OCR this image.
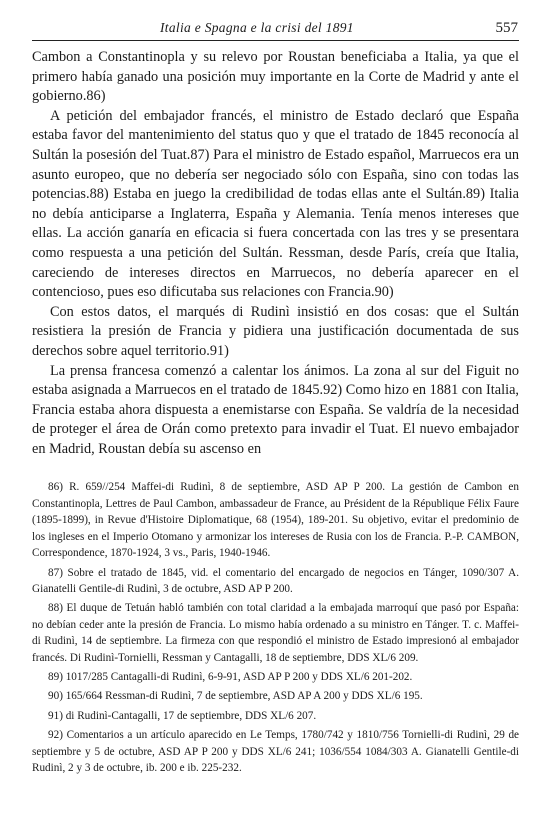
Italia e Spagna e la crisi del 1891	557

Cambon a Constantinopla y su relevo por Roustan beneficiaba a Italia, ya que el primero había ganado una posición muy importante en la Corte de Madrid y ante el gobierno.86)

A petición del embajador francés, el ministro de Estado declaró que España estaba favor del mantenimiento del status quo y que el tratado de 1845 reconocía al Sultán la posesión del Tuat.87) Para el ministro de Estado español, Marruecos era un asunto europeo, que no debería ser negociado sólo con España, sino con todas las potencias.88) Estaba en juego la credibilidad de todas ellas ante el Sultán.89) Italia no debía anticiparse a Inglaterra, España y Alemania. Tenía menos intereses que ellas. La acción ganaría en eficacia si fuera concertada con las tres y se presentara como respuesta a una petición del Sultán. Ressman, desde París, creía que Italia, careciendo de intereses directos en Marruecos, no debería aparecer en el contencioso, pues eso dificutaba sus relaciones con Francia.90)

Con estos datos, el marqués di Rudinì insistió en dos cosas: que el Sultán resistiera la presión de Francia y pidiera una justificación documentada de sus derechos sobre aquel territorio.91)

La prensa francesa comenzó a calentar los ánimos. La zona al sur del Figuit no estaba asignada a Marruecos en el tratado de 1845.92) Como hizo en 1881 con Italia, Francia estaba ahora dispuesta a enemistarse con España. Se valdría de la necesidad de proteger el área de Orán como pretexto para invadir el Tuat. El nuevo embajador en Madrid, Roustan debía su ascenso en

86) R. 659//254 Maffei-di Rudinì, 8 de septiembre, ASD AP P 200. La gestión de Cambon en Constantinopla, Lettres de Paul Cambon, ambassadeur de France, au Président de la République Félix Faure (1895-1899), in Revue d'Histoire Diplomatique, 68 (1954), 189-201. Su objetivo, evitar el predominio de los ingleses en el Imperio Otomano y armonizar los intereses de Rusia con los de Francia. P.-P. CAMBON, Correspondence, 1870-1924, 3 vs., Paris, 1940-1946.

87) Sobre el tratado de 1845, vid. el comentario del encargado de negocios en Tánger, 1090/307 A. Gianatelli Gentile-di Rudinì, 3 de octubre, ASD AP P 200.

88) El duque de Tetuán habló también con total claridad a la embajada marroquí que pasó por España: no debían ceder ante la presión de Francia. Lo mismo había ordenado a su ministro en Tánger. T. c. Maffei-di Rudinì, 14 de septiembre. La firmeza con que respondió el ministro de Estado impresionó al embajador francés. Di Rudinì-Tornielli, Ressman y Cantagalli, 18 de septiembre, DDS XL/6 209.

89) 1017/285 Cantagalli-di Rudinì, 6-9-91, ASD AP P 200 y DDS XL/6 201-202.

90) 165/664 Ressman-di Rudinì, 7 de septiembre, ASD AP A 200 y DDS XL/6 195.

91) di Rudinì-Cantagalli, 17 de septiembre, DDS XL/6 207.

92) Comentarios a un artículo aparecido en Le Temps, 1780/742 y 1810/756 Tornielli-di Rudinì, 29 de septiembre y 5 de octubre, ASD AP P 200 y DDS XL/6 241; 1036/554 1084/303 A. Gianatelli Gentile-di Rudinì, 2 y 3 de octubre, ib. 200 e ib. 225-232.
